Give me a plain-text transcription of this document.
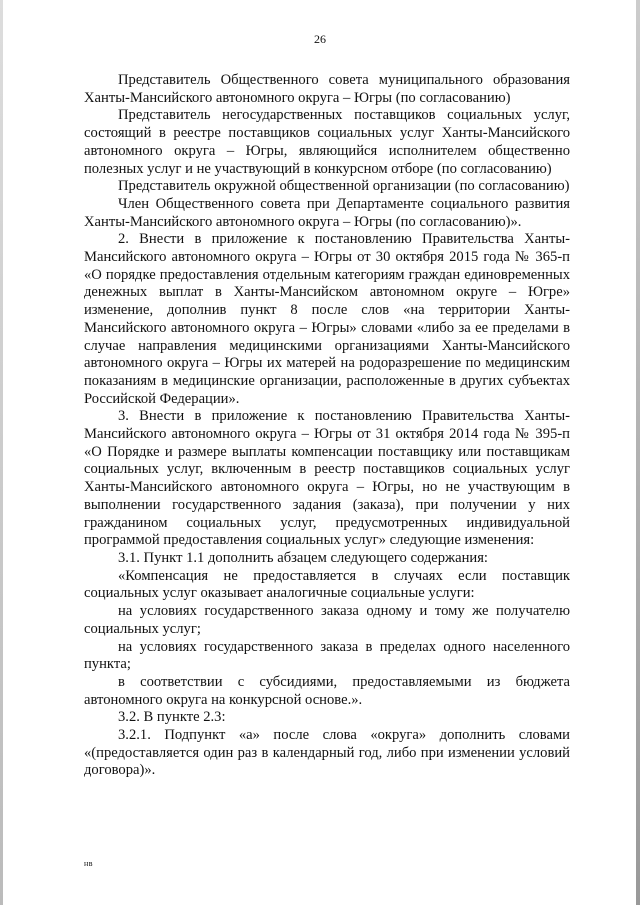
26

Представитель Общественного совета муниципального образования Ханты-Мансийского автономного округа – Югры (по согласованию)

Представитель негосударственных поставщиков социальных услуг, состоящий в реестре поставщиков социальных услуг Ханты-Мансийского автономного округа – Югры, являющийся исполнителем общественно полезных услуг и не участвующий в конкурсном отборе (по согласованию)

Представитель окружной общественной организации (по согласованию)

Член Общественного совета при Департаменте социального развития Ханты-Мансийского автономного округа – Югры (по согласованию)».

2. Внести в приложение к постановлению Правительства Ханты-Мансийского автономного округа – Югры от 30 октября 2015 года № 365-п «О порядке предоставления отдельным категориям граждан единовременных денежных выплат в Ханты-Мансийском автономном округе – Югре» изменение, дополнив пункт 8 после слов «на территории Ханты-Мансийского автономного округа – Югры» словами «либо за ее пределами в случае направления медицинскими организациями Ханты-Мансийского автономного округа – Югры их матерей на родоразрешение по медицинским показаниям в медицинские организации, расположенные в других субъектах Российской Федерации».

3. Внести в приложение к постановлению Правительства Ханты-Мансийского автономного округа – Югры от 31 октября 2014 года № 395-п «О Порядке и размере выплаты компенсации поставщику или поставщикам социальных услуг, включенным в реестр поставщиков социальных услуг Ханты-Мансийского автономного округа – Югры, но не участвующим в выполнении государственного задания (заказа), при получении у них гражданином социальных услуг, предусмотренных индивидуальной программой предоставления социальных услуг» следующие изменения:

3.1. Пункт 1.1 дополнить абзацем следующего содержания:

«Компенсация не предоставляется в случаях если поставщик социальных услуг оказывает аналогичные социальные услуги:

на условиях государственного заказа одному и тому же получателю социальных услуг;

на условиях государственного заказа в пределах одного населенного пункта;

в соответствии с субсидиями, предоставляемыми из бюджета автономного округа на конкурсной основе.».

3.2. В пункте 2.3:

3.2.1. Подпункт «а» после слова «округа» дополнить словами «(предоставляется один раз в календарный год, либо при изменении условий договора)».

нв
